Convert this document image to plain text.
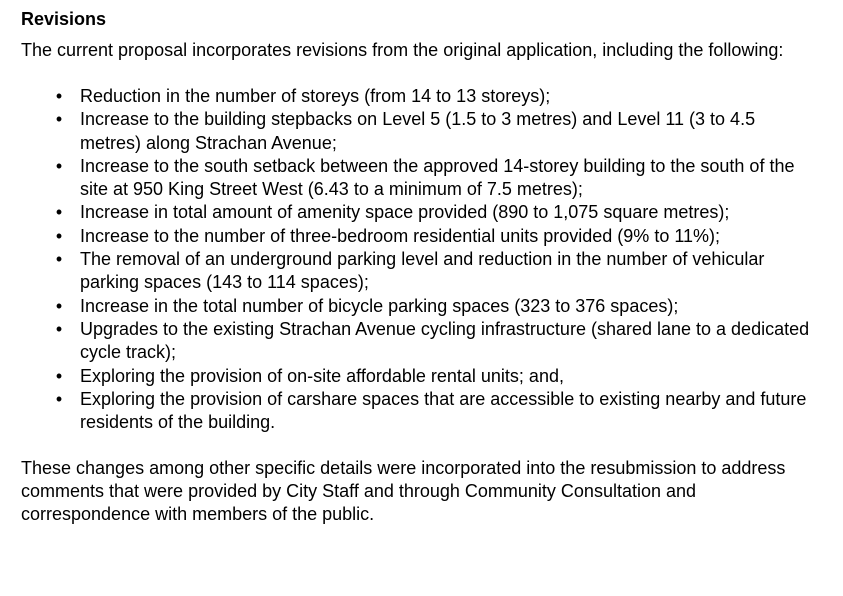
Revisions
The current proposal incorporates revisions from the original application, including the following:
• Reduction in the number of storeys (from 14 to 13 storeys);
• Increase to the building stepbacks on Level 5 (1.5 to 3 metres) and Level 11 (3 to 4.5 metres) along Strachan Avenue;
• Increase to the south setback between the approved 14-storey building to the south of the site at 950 King Street West (6.43 to a minimum of 7.5 metres);
• Increase in total amount of amenity space provided (890 to 1,075 square metres);
• Increase to the number of three-bedroom residential units provided (9% to 11%);
• The removal of an underground parking level and reduction in the number of vehicular parking spaces (143 to 114 spaces);
• Increase in the total number of bicycle parking spaces (323 to 376 spaces);
• Upgrades to the existing Strachan Avenue cycling infrastructure (shared lane to a dedicated cycle track);
• Exploring the provision of on-site affordable rental units; and,
• Exploring the provision of carshare spaces that are accessible to existing nearby and future residents of the building.
These changes among other specific details were incorporated into the resubmission to address comments that were provided by City Staff and through Community Consultation and correspondence with members of the public.
